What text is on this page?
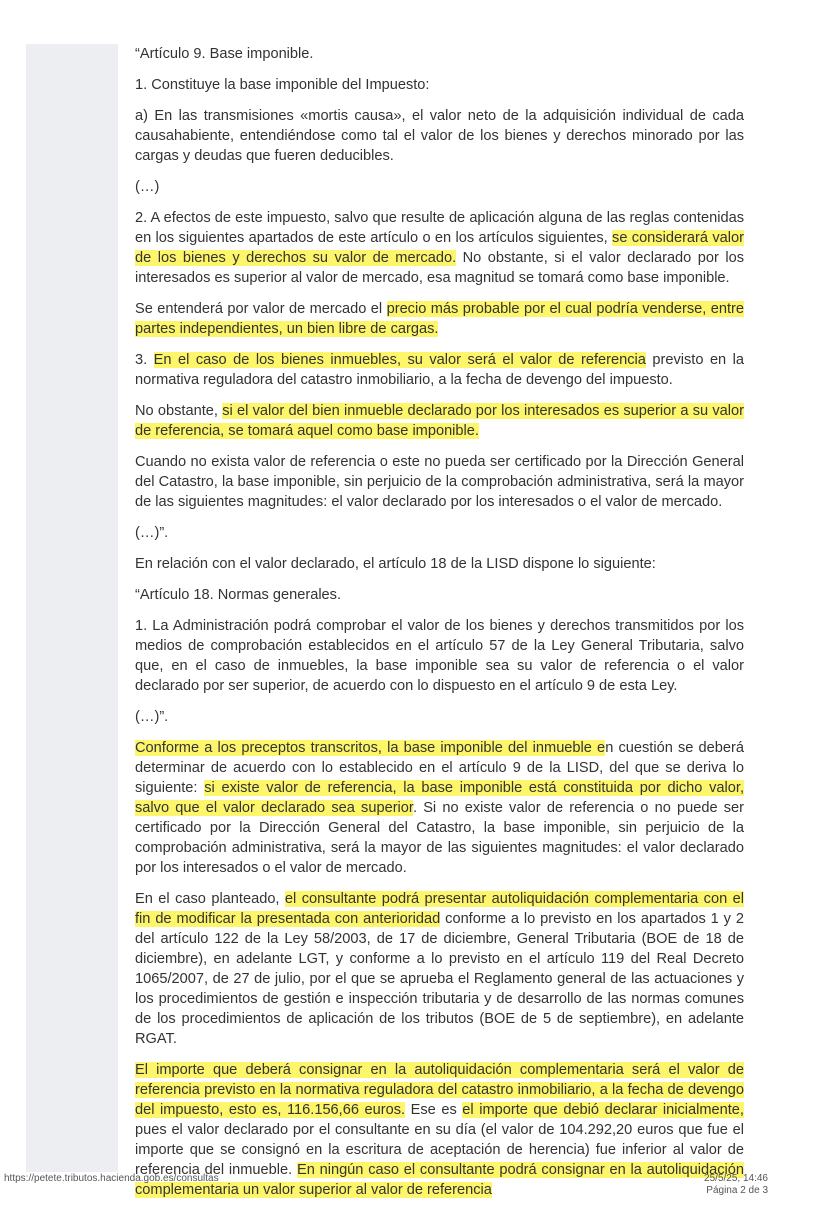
“Artículo 9. Base imponible.

1. Constituye la base imponible del Impuesto:

a) En las transmisiones «mortis causa», el valor neto de la adquisición individual de cada causahabiente, entendiéndose como tal el valor de los bienes y derechos minorado por las cargas y deudas que fueren deducibles.

(…)

2. A efectos de este impuesto, salvo que resulte de aplicación alguna de las reglas contenidas en los siguientes apartados de este artículo o en los artículos siguientes, se considerará valor de los bienes y derechos su valor de mercado. No obstante, si el valor declarado por los interesados es superior al valor de mercado, esa magnitud se tomará como base imponible.

Se entenderá por valor de mercado el precio más probable por el cual podría venderse, entre partes independientes, un bien libre de cargas.

3. En el caso de los bienes inmuebles, su valor será el valor de referencia previsto en la normativa reguladora del catastro inmobiliario, a la fecha de devengo del impuesto.

No obstante, si el valor del bien inmueble declarado por los interesados es superior a su valor de referencia, se tomará aquel como base imponible.

Cuando no exista valor de referencia o este no pueda ser certificado por la Dirección General del Catastro, la base imponible, sin perjuicio de la comprobación administrativa, será la mayor de las siguientes magnitudes: el valor declarado por los interesados o el valor de mercado.

(…)”.

En relación con el valor declarado, el artículo 18 de la LISD dispone lo siguiente:

“Artículo 18. Normas generales.

1. La Administración podrá comprobar el valor de los bienes y derechos transmitidos por los medios de comprobación establecidos en el artículo 57 de la Ley General Tributaria, salvo que, en el caso de inmuebles, la base imponible sea su valor de referencia o el valor declarado por ser superior, de acuerdo con lo dispuesto en el artículo 9 de esta Ley.

(…)”.

Conforme a los preceptos transcritos, la base imponible del inmueble en cuestión se deberá determinar de acuerdo con lo establecido en el artículo 9 de la LISD, del que se deriva lo siguiente: si existe valor de referencia, la base imponible está constituida por dicho valor, salvo que el valor declarado sea superior. Si no existe valor de referencia o no puede ser certificado por la Dirección General del Catastro, la base imponible, sin perjuicio de la comprobación administrativa, será la mayor de las siguientes magnitudes: el valor declarado por los interesados o el valor de mercado.

En el caso planteado, el consultante podrá presentar autoliquidación complementaria con el fin de modificar la presentada con anterioridad conforme a lo previsto en los apartados 1 y 2 del artículo 122 de la Ley 58/2003, de 17 de diciembre, General Tributaria (BOE de 18 de diciembre), en adelante LGT, y conforme a lo previsto en el artículo 119 del Real Decreto 1065/2007, de 27 de julio, por el que se aprueba el Reglamento general de las actuaciones y los procedimientos de gestión e inspección tributaria y de desarrollo de las normas comunes de los procedimientos de aplicación de los tributos (BOE de 5 de septiembre), en adelante RGAT.

El importe que deberá consignar en la autoliquidación complementaria será el valor de referencia previsto en la normativa reguladora del catastro inmobiliario, a la fecha de devengo del impuesto, esto es, 116.156,66 euros. Ese es el importe que debió declarar inicialmente, pues el valor declarado por el consultante en su día (el valor de 104.292,20 euros que fue el importe que se consignó en la escritura de aceptación de herencia) fue inferior al valor de referencia del inmueble. En ningún caso el consultante podrá consignar en la autoliquidación complementaria un valor superior al valor de referencia

https://petete.tributos.hacienda.gob.es/consultas	25/5/25, 14:46
Página 2 de 3
